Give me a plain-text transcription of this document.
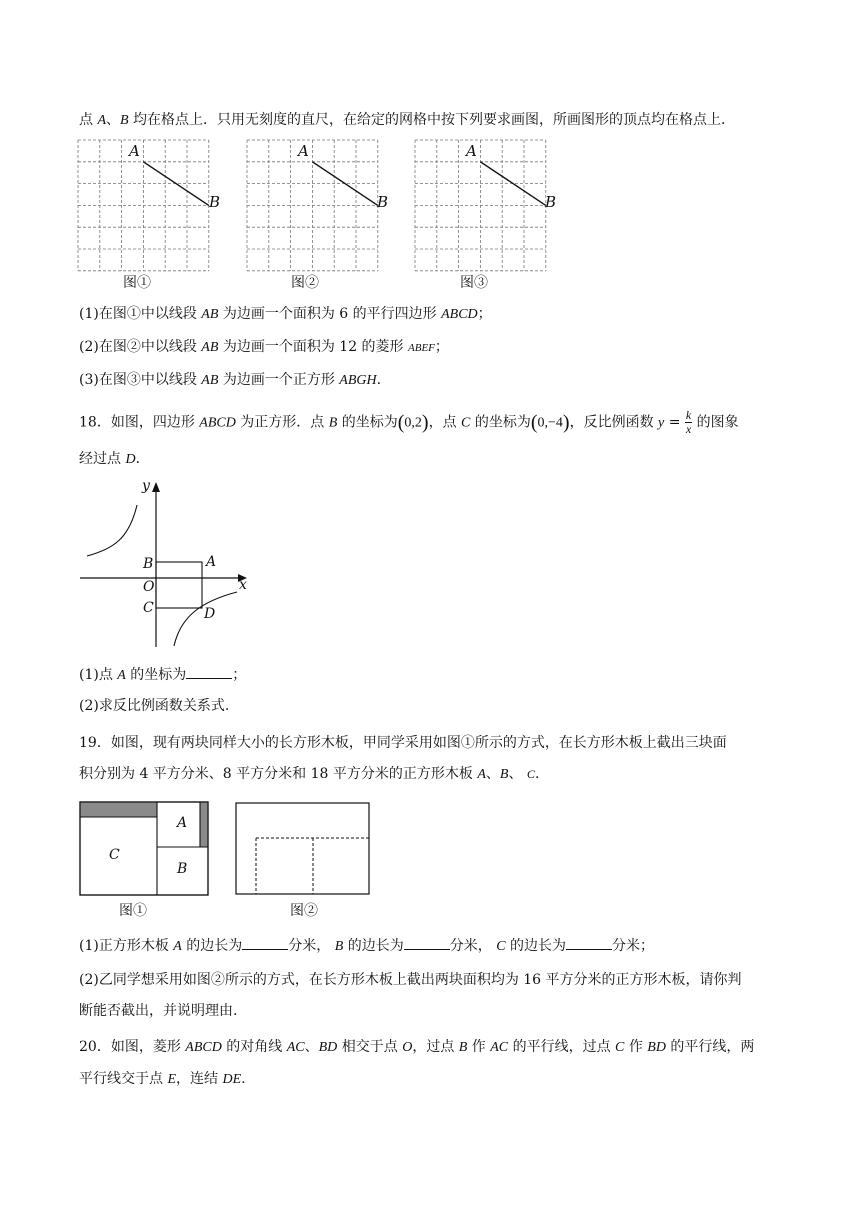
点 A、B 均在格点上．只用无刻度的直尺，在给定的网格中按下列要求画图，所画图形的顶点均在格点上．
图①	图②	图③
A
B
A
B
A
B
(1)在图①中以线段 AB 为边画一个面积为 6 的平行四边形 ABCD；
(2)在图②中以线段 AB 为边画一个面积为 12 的菱形 ABEF；
(3)在图③中以线段 AB 为边画一个正方形 ABGH.
18．如图，四边形 ABCD 为正方形．点 B 的坐标为(0,2)，点 C 的坐标为(0,−4)，反比例函数 $y = \frac{k}{x}$ 的图象
经过点 D．
y
x
O
A
B
C	D
(1)点 A 的坐标为	；
(2)求反比例函数关系式.
19．如图，现有两块同样大小的长方形木板，甲同学采用如图①所示的方式，在长方形木板上截出三块面
积分别为 4 平方分米、8 平方分米和 18 平方分米的正方形木板 A、B、 C.
A
B
C
图①	图②
(1)正方形木板 A 的边长为	分米， B 的边长为	分米， C 的边长为	分米；
(2)乙同学想采用如图②所示的方式，在长方形木板上截出两块面积均为 16 平方分米的正方形木板，请你判
断能否截出，并说明理由.
20．如图，菱形 ABCD 的对角线 AC、BD 相交于点 O，过点 B 作 AC 的平行线，过点 C 作 BD 的平行线，两
平行线交于点 E，连结 DE.
